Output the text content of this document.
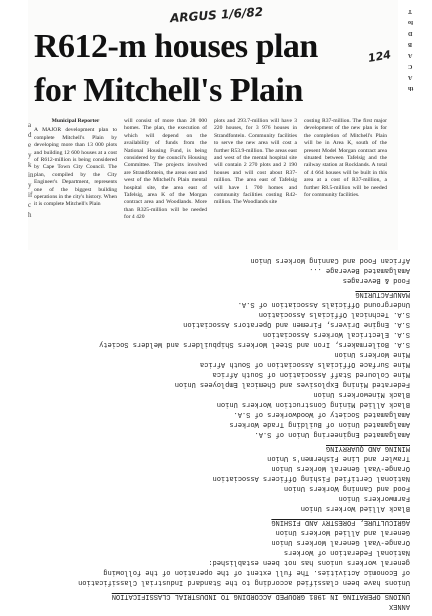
ARGUS 1/6/82
124
R612-m houses plan
for Mitchell's Plain
a
d
e
y
k
in
y
if
c
h
Municipal Reporter

A MAJOR development plan to complete Mitchell's Plain by developing more than 13 000 plots and building 12 600 houses at a cost of R612-million is being considered by Cape Town City Council. The plan, compiled by the City Engineer's Department, represents one of the biggest building operations in the city's history. When it is complete Mitchell's Plain

will consist of more than 28 000 homes. The plan, the execution of which will depend on the availability of funds from the National Housing Fund, is being considered by the council's Housing Committee. The projects involved are Strandfontein, the areas east and west of the Mitchell's Plain mental hospital site, the area east of Tafelsig, area K of the Morgan contract area and Woodlands. More than R325-million will be needed for 4 420

plots and 293.7-million will have 3 220 houses, for 3 976 houses in Strandfontein. Community facilities to serve the new area will cost a further R53.9-million. The areas east and west of the mental hospital site will contain 2 270 plots and 2 190 houses and will cost about R37-million. The area east of Tafelsig will have 1 700 homes and community facilities costing R42-million. The Woodlands site

costing R37-million. The first major development of the new plan is for the completion of Mitchell's Plain will be in Area K, south of the present Model Morgan contract area situated between Tafelsig and the railway station at Rocklands. A total of 4 664 houses will be built in this area at a cost of R37-million, a further R8.5-million will be needed for community facilities.

T
fo
D
B
A
C
A
th
ANNEX
UNIONS OPERATING IN 1981 GROUPED ACCORDING TO INDUSTRIAL CLASSIFICATION
Unions have been classified according to the Standard Industrial Classification
of Economic Activities. The full extent of the operation of the following
general workers unions has not been established:
National Federation of Workers
Orange-Vaal General Workers Union
General and Allied Workers Union
AGRICULTURE, FORESTRY AND FISHING
Black Allied Workers Union
Farmworkers Union
Food and Canning Workers Union
National Certified Fishing Officers Association
Orange-Vaal General Workers Union
Trawler and Line Fishermen's Union
MINING AND QUARRYING
Amalgamated Engineering Union of S.A.
Amalgamated Union of Building Trade Workers
Amalgamated Society of Woodworkers of S.A.
Black Allied Mining Construction Workers Union
Black Mineworkers Union
Federated Mining Explosives and Chemical Employees Union
Mine Coloured Staff Association of South Africa
Mine Surface Officials Association of South Africa
Mine Workers Union
S.A. Boilermakers, Iron and Steel Workers Shipbuilders and Welders Society
S.A. Electrical Workers Association
S.A. Engine Drivers, Firemen and Operators Association
S.A. Technical Officials Association
Underground Officials Association of S.A.
MANUFACTURING
Food & Beverages
Amalgamated Beverage ...
African Food and Canning Workers Union
